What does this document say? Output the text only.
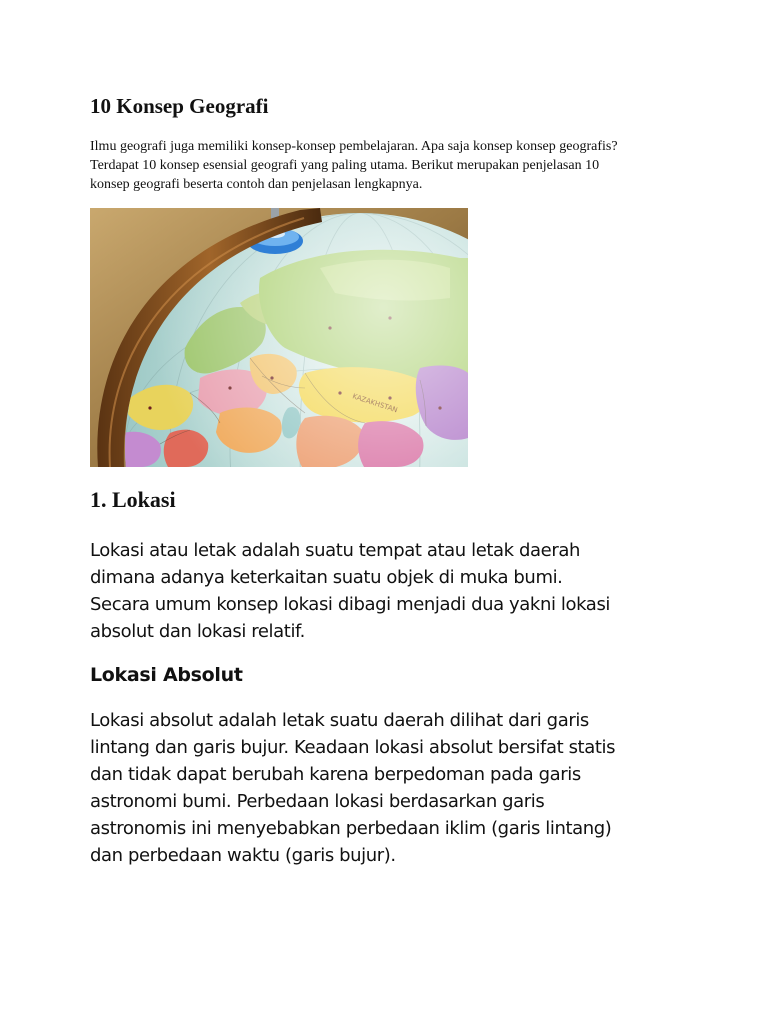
10 Konsep Geografi

Ilmu geografi juga memiliki konsep-konsep pembelajaran. Apa saja konsep konsep geografis?
Terdapat 10 konsep esensial geografi yang paling utama. Berikut merupakan penjelasan 10
konsep geografi beserta contoh dan penjelasan lengkapnya.

1. Lokasi

Lokasi atau letak adalah suatu tempat atau letak daerah
dimana adanya keterkaitan suatu objek di muka bumi.
Secara umum konsep lokasi dibagi menjadi dua yakni lokasi
absolut dan lokasi relatif.

Lokasi Absolut

Lokasi absolut adalah letak suatu daerah dilihat dari garis
lintang dan garis bujur. Keadaan lokasi absolut bersifat statis
dan tidak dapat berubah karena berpedoman pada garis
astronomi bumi. Perbedaan lokasi berdasarkan garis
astronomis ini menyebabkan perbedaan iklim (garis lintang)
dan perbedaan waktu (garis bujur).
